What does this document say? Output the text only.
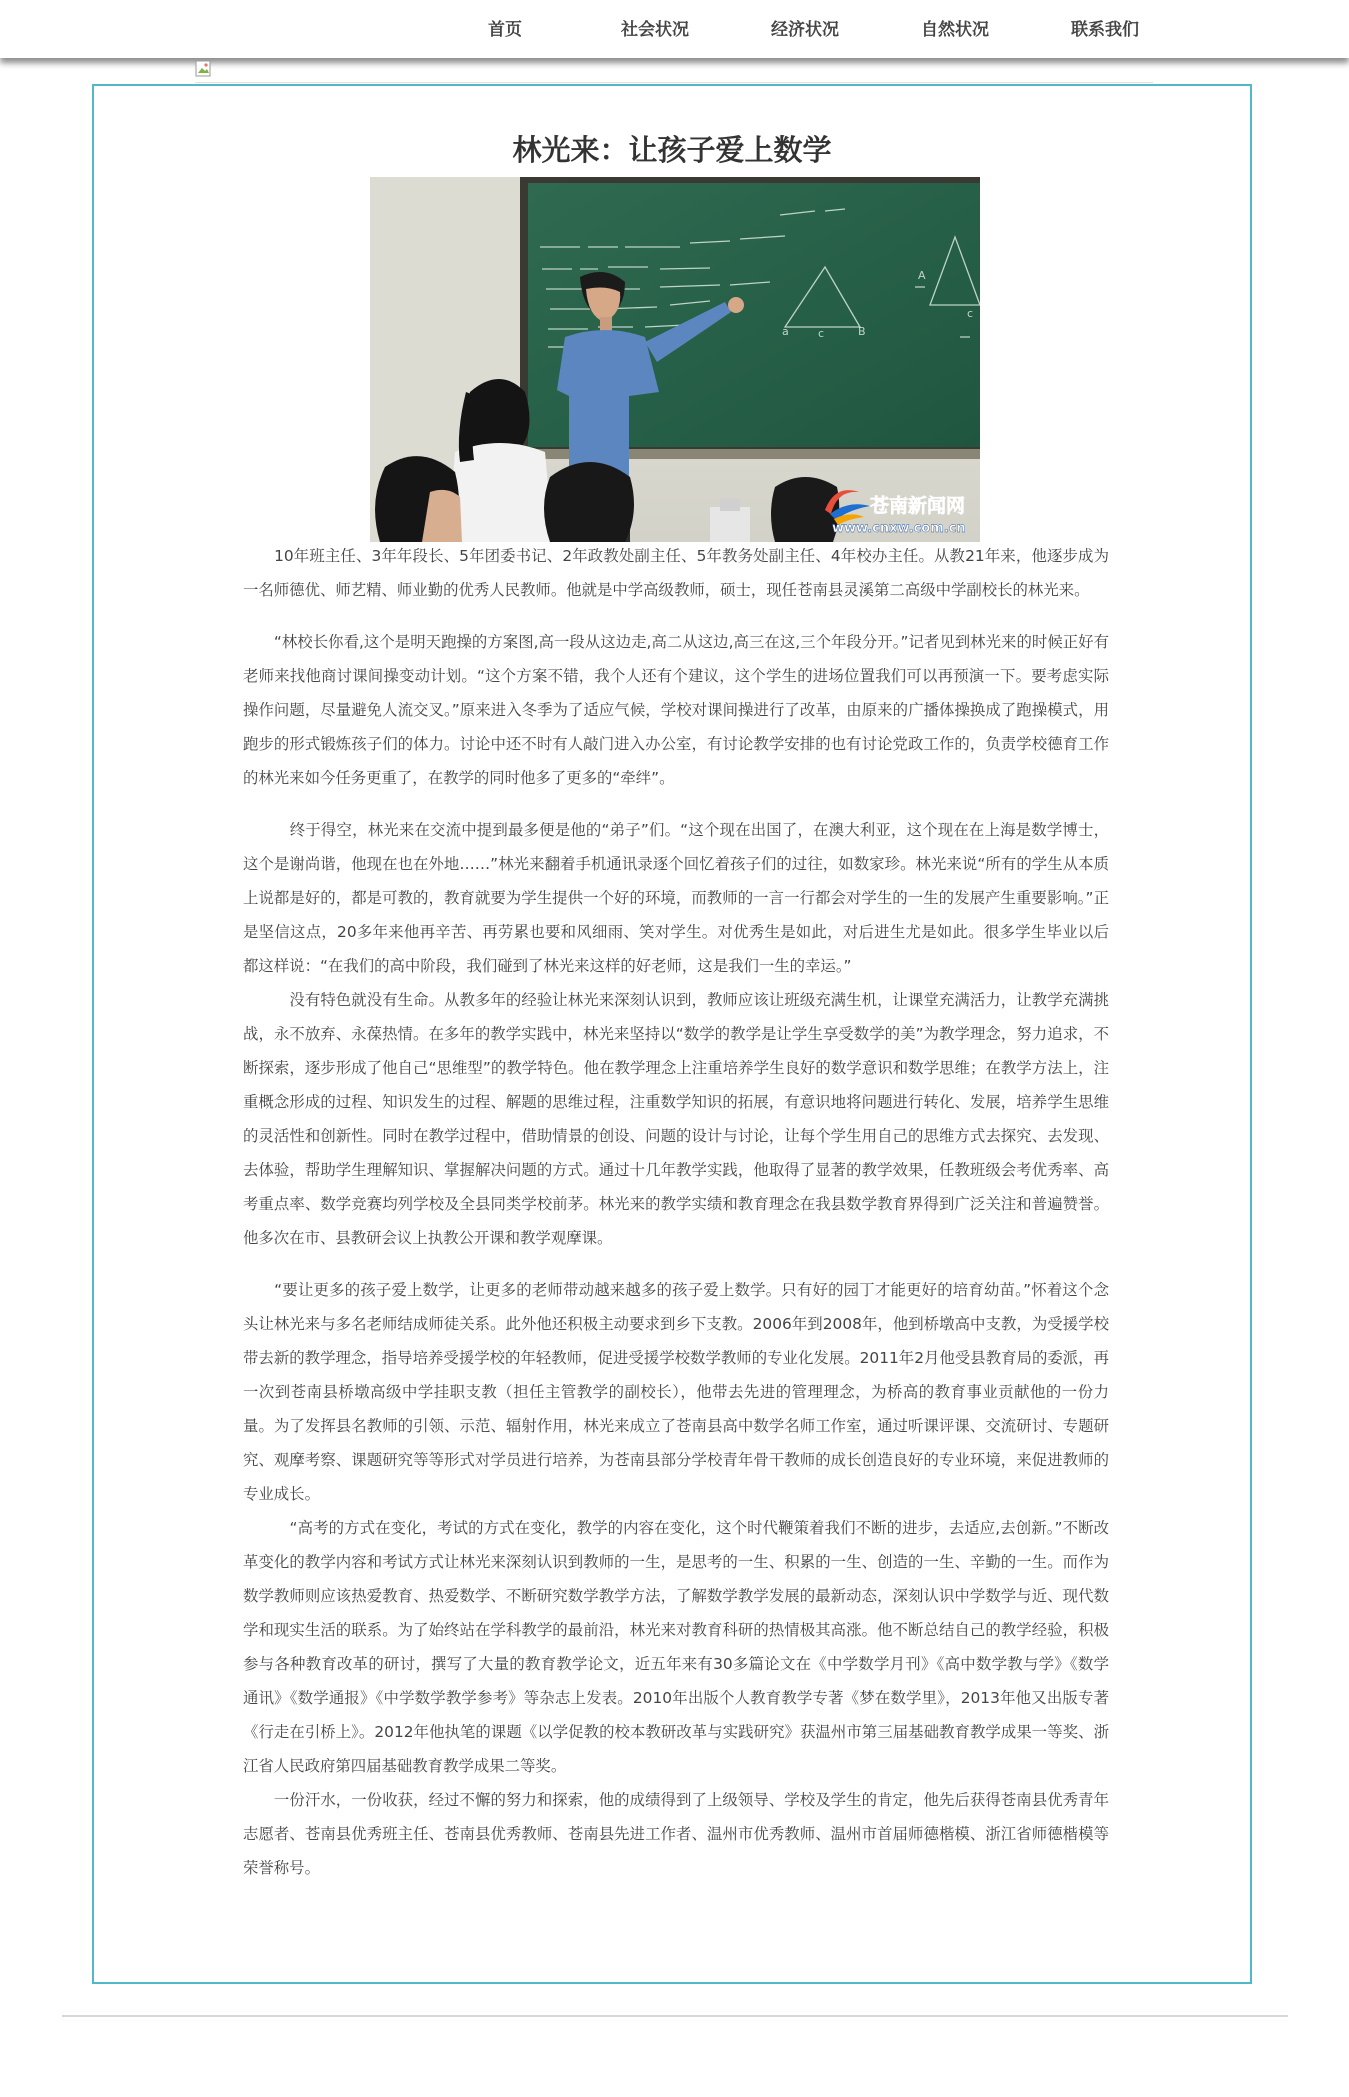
首页	社会状况	经济状况	自然状况	联系我们
林光来：让孩子爱上数学
a	c	B
A
c
苍南新闻网
www.cnxw.com.cn

　　10年班主任、3年年段长、5年团委书记、2年政教处副主任、5年教务处副主任、4年校办主任。从教21年来，他逐步成为一名师德优、师艺精、师业勤的优秀人民教师。他就是中学高级教师，硕士，现任苍南县灵溪第二高级中学副校长的林光来。

　　“林校长你看,这个是明天跑操的方案图,高一段从这边走,高二从这边,高三在这,三个年段分开。”记者见到林光来的时候正好有老师来找他商讨课间操变动计划。“这个方案不错，我个人还有个建议，这个学生的进场位置我们可以再预演一下。要考虑实际操作问题，尽量避免人流交叉。”原来进入冬季为了适应气候，学校对课间操进行了改革，由原来的广播体操换成了跑操模式，用跑步的形式锻炼孩子们的体力。讨论中还不时有人敲门进入办公室，有讨论教学安排的也有讨论党政工作的，负责学校德育工作的林光来如今任务更重了，在教学的同时他多了更多的“牵绊”。

　　　终于得空，林光来在交流中提到最多便是他的“弟子”们。“这个现在出国了，在澳大利亚，这个现在在上海是数学博士，这个是谢尚谐，他现在也在外地……”林光来翻着手机通讯录逐个回忆着孩子们的过往，如数家珍。林光来说“所有的学生从本质上说都是好的，都是可教的，教育就要为学生提供一个好的环境，而教师的一言一行都会对学生的一生的发展产生重要影响。”正是坚信这点，20多年来他再辛苦、再劳累也要和风细雨、笑对学生。对优秀生是如此，对后进生尤是如此。很多学生毕业以后都这样说：“在我们的高中阶段，我们碰到了林光来这样的好老师，这是我们一生的幸运。”

　　　没有特色就没有生命。从教多年的经验让林光来深刻认识到，教师应该让班级充满生机，让课堂充满活力，让教学充满挑战，永不放弃、永葆热情。在多年的教学实践中，林光来坚持以“数学的教学是让学生享受数学的美”为教学理念，努力追求，不断探索，逐步形成了他自己“思维型”的教学特色。他在教学理念上注重培养学生良好的数学意识和数学思维；在教学方法上，注重概念形成的过程、知识发生的过程、解题的思维过程，注重数学知识的拓展，有意识地将问题进行转化、发展，培养学生思维的灵活性和创新性。同时在教学过程中，借助情景的创设、问题的设计与讨论，让每个学生用自己的思维方式去探究、去发现、去体验，帮助学生理解知识、掌握解决问题的方式。通过十几年教学实践，他取得了显著的教学效果，任教班级会考优秀率、高考重点率、数学竞赛均列学校及全县同类学校前茅。林光来的教学实绩和教育理念在我县数学教育界得到广泛关注和普遍赞誉。他多次在市、县教研会议上执教公开课和教学观摩课。

　　“要让更多的孩子爱上数学，让更多的老师带动越来越多的孩子爱上数学。只有好的园丁才能更好的培育幼苗。”怀着这个念头让林光来与多名老师结成师徒关系。此外他还积极主动要求到乡下支教。2006年到2008年，他到桥墩高中支教，为受援学校带去新的教学理念，指导培养受援学校的年轻教师，促进受援学校数学教师的专业化发展。2011年2月他受县教育局的委派，再一次到苍南县桥墩高级中学挂职支教（担任主管教学的副校长），他带去先进的管理理念，为桥高的教育事业贡献他的一份力量。为了发挥县名教师的引领、示范、辐射作用，林光来成立了苍南县高中数学名师工作室，通过听课评课、交流研讨、专题研究、观摩考察、课题研究等等形式对学员进行培养，为苍南县部分学校青年骨干教师的成长创造良好的专业环境，来促进教师的专业成长。

　　　“高考的方式在变化，考试的方式在变化，教学的内容在变化，这个时代鞭策着我们不断的进步，去适应,去创新。”不断改革变化的教学内容和考试方式让林光来深刻认识到教师的一生，是思考的一生、积累的一生、创造的一生、辛勤的一生。而作为数学教师则应该热爱教育、热爱数学、不断研究数学教学方法，了解数学教学发展的最新动态，深刻认识中学数学与近、现代数学和现实生活的联系。为了始终站在学科教学的最前沿，林光来对教育科研的热情极其高涨。他不断总结自己的教学经验，积极参与各种教育改革的研讨，撰写了大量的教育教学论文，近五年来有30多篇论文在《中学数学月刊》《高中数学教与学》《数学通讯》《数学通报》《中学数学教学参考》等杂志上发表。2010年出版个人教育教学专著《梦在数学里》，2013年他又出版专著《行走在引桥上》。2012年他执笔的课题《以学促教的校本教研改革与实践研究》获温州市第三届基础教育教学成果一等奖、浙江省人民政府第四届基础教育教学成果二等奖。

　　一份汗水，一份收获，经过不懈的努力和探索，他的成绩得到了上级领导、学校及学生的肯定，他先后获得苍南县优秀青年志愿者、苍南县优秀班主任、苍南县优秀教师、苍南县先进工作者、温州市优秀教师、温州市首届师德楷模、浙江省师德楷模等荣誉称号。
